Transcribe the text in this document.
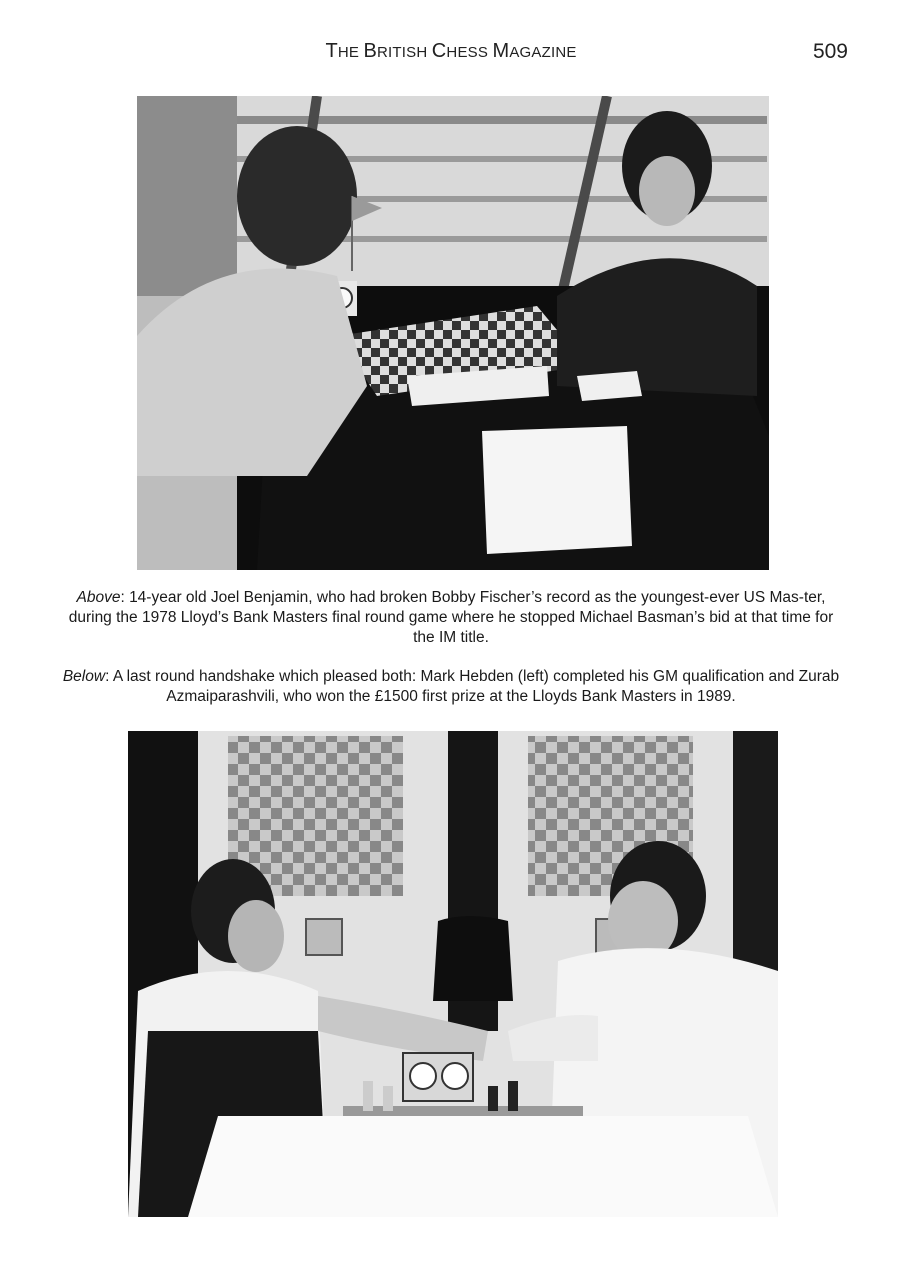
THE BRITISH CHESS MAGAZINE	509
Above: 14-year old Joel Benjamin, who had broken Bobby Fischer’s record as the youngest-ever US Mas-ter, during the 1978 Lloyd’s Bank Masters final round game where he stopped Michael Basman’s bid at that time for the IM title.
Below: A last round handshake which pleased both: Mark Hebden (left) completed his GM qualification and Zurab Azmaiparashvili, who won the £1500 first prize at the Lloyds Bank Masters in 1989.
